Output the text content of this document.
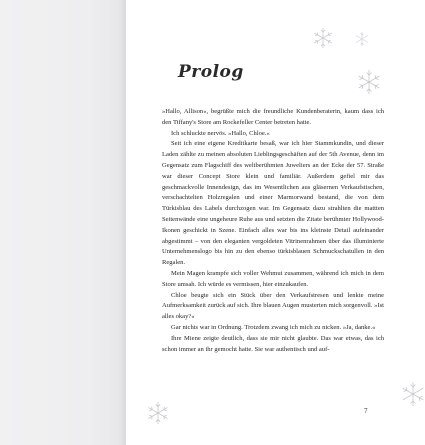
Prolog

»Hallo, Allison«, begrüßte mich die freundliche Kundenberaterin, kaum dass ich den Tiffany's Store am Rockefeller Center betreten hatte.

Ich schluckte nervös. »Hallo, Chloe.«

Seit ich eine eigene Kreditkarte besaß, war ich hier Stammkundin, und dieser Laden zählte zu meinen absoluten Lieblingsgeschäften auf der 5th Avenue, denn im Gegensatz zum Flagschiff des weltberühmten Juweliers an der Ecke der 57. Straße war dieser Concept Store klein und familiär. Außerdem gefiel mir das geschmackvolle Innendesign, das im Wesentlichen aus gläsernen Verkaufstischen, verschachtelten Holzregalen und einer Marmorwand bestand, die von dem Türkisblau des Labels durchzogen war. Im Gegensatz dazu strahlten die mattten Seitenwände eine ungeheure Ruhe aus und setzten die Zitate berühmter Hollywood-Ikonen geschickt in Szene. Einfach alles war bis ins kleinste Detail aufeinander abgestimmt – von den eleganten vergoldeten Vitrinenrahmen über das illuminierte Unternehmenslogo bis hin zu den ebenso türkisblauen Schmuckschatullen in den Regalen.

Mein Magen krampfe sich voller Wehmut zusammen, während ich mich in dem Store umsah. Ich würde es vermissen, hier einzukaufen.

Chloe beugte sich ein Stück über den Verkaufstresen und lenkte meine Aufmerksamkeit zurück auf sich. Ihre blauen Augen musterten mich sorgenvoll. »Ist alles okay?«

Gar nichts war in Ordnung. Trotzdem zwang ich mich zu nicken. »Ja, danke.«

Ihre Miene zeigte deutlich, dass sie mir nicht glaubte. Das war etwas, das ich schon immer an ihr gemocht hatte. Sie war authentisch und auf-

7
